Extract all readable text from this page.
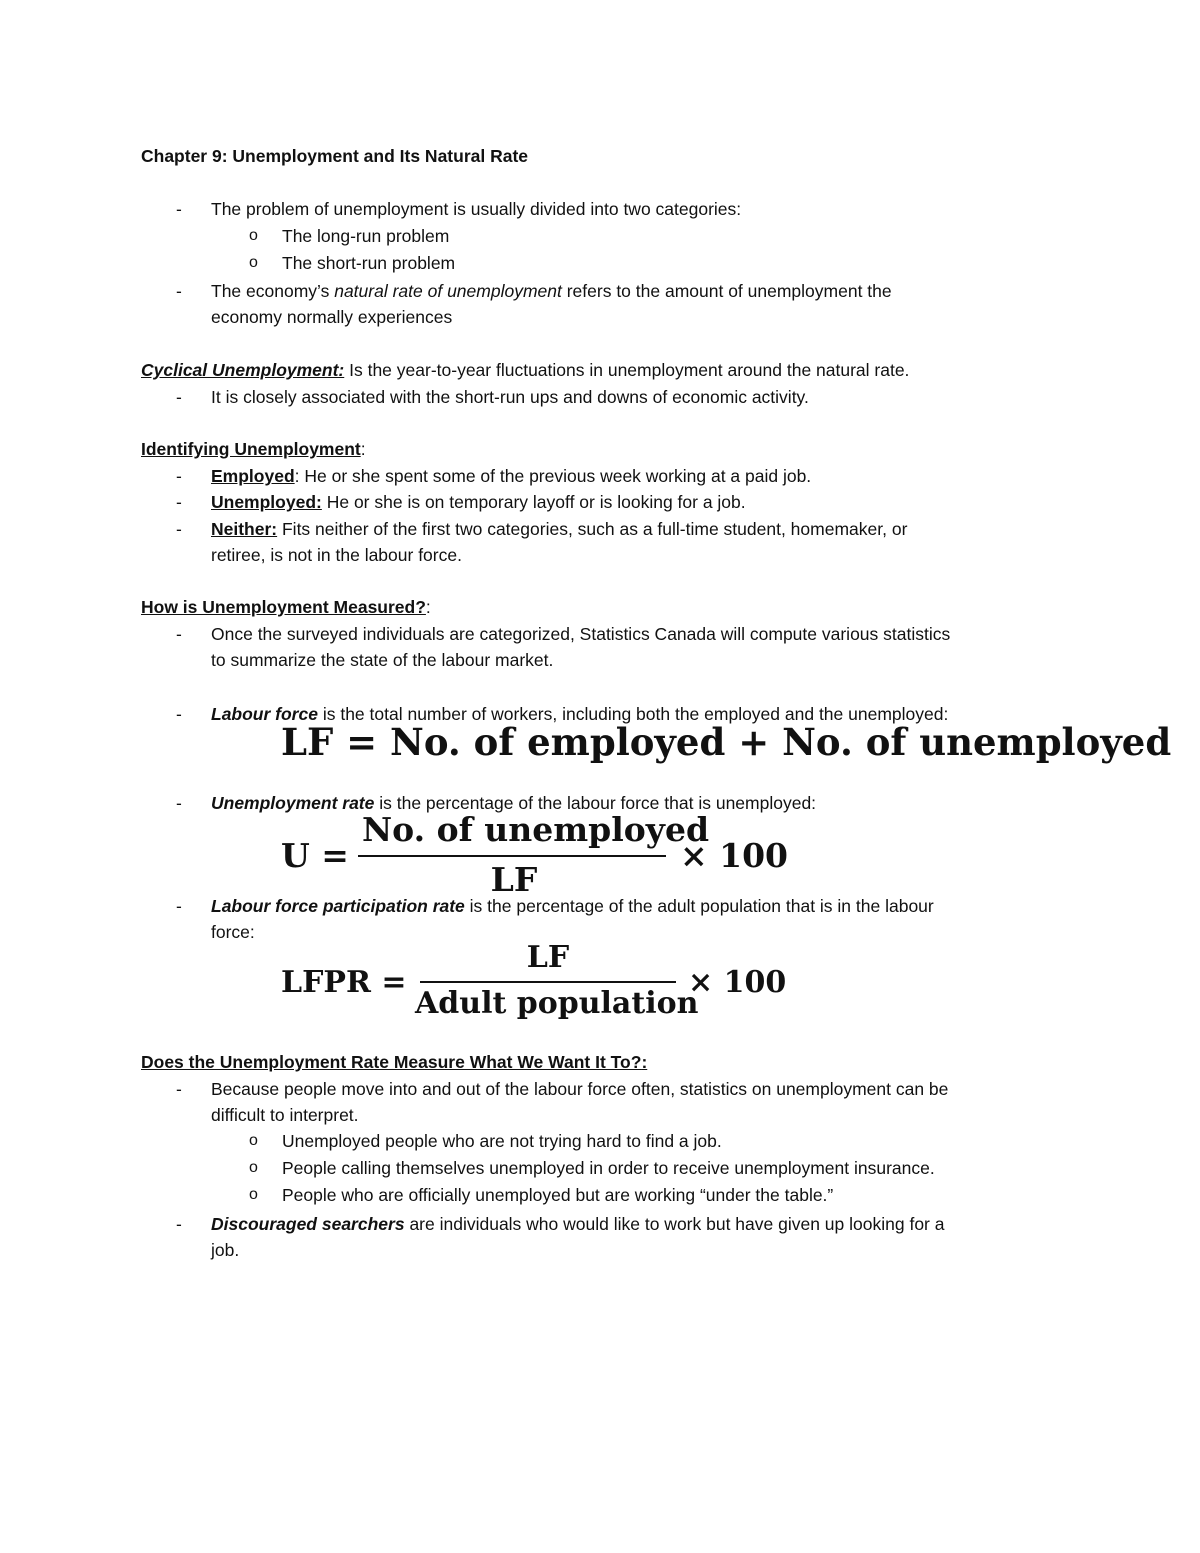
Chapter 9: Unemployment and Its Natural Rate
- The problem of unemployment is usually divided into two categories:
o The long-run problem
o The short-run problem
- The economy’s natural rate of unemployment refers to the amount of unemployment the
economy normally experiences
Cyclical Unemployment: Is the year-to-year fluctuations in unemployment around the natural rate.
- It is closely associated with the short-run ups and downs of economic activity.
Identifying Unemployment:
- Employed: He or she spent some of the previous week working at a paid job.
- Unemployed: He or she is on temporary layoff or is looking for a job.
- Neither: Fits neither of the first two categories, such as a full-time student, homemaker, or
retiree, is not in the labour force.
How is Unemployment Measured?:
- Once the surveyed individuals are categorized, Statistics Canada will compute various statistics
to summarize the state of the labour market.
- Labour force is the total number of workers, including both the employed and the unemployed:
LF = No. of employed + No. of unemployed
- Unemployment rate is the percentage of the labour force that is unemployed:
U =
No. of unemployed
LF
× 100
- Labour force participation rate is the percentage of the adult population that is in the labour
force:
LFPR =
LF
Adult population
× 100
Does the Unemployment Rate Measure What We Want It To?:
- Because people move into and out of the labour force often, statistics on unemployment can be
difficult to interpret.
o Unemployed people who are not trying hard to find a job.
o People calling themselves unemployed in order to receive unemployment insurance.
o People who are officially unemployed but are working “under the table.”
- Discouraged searchers are individuals who would like to work but have given up looking for a
job.
